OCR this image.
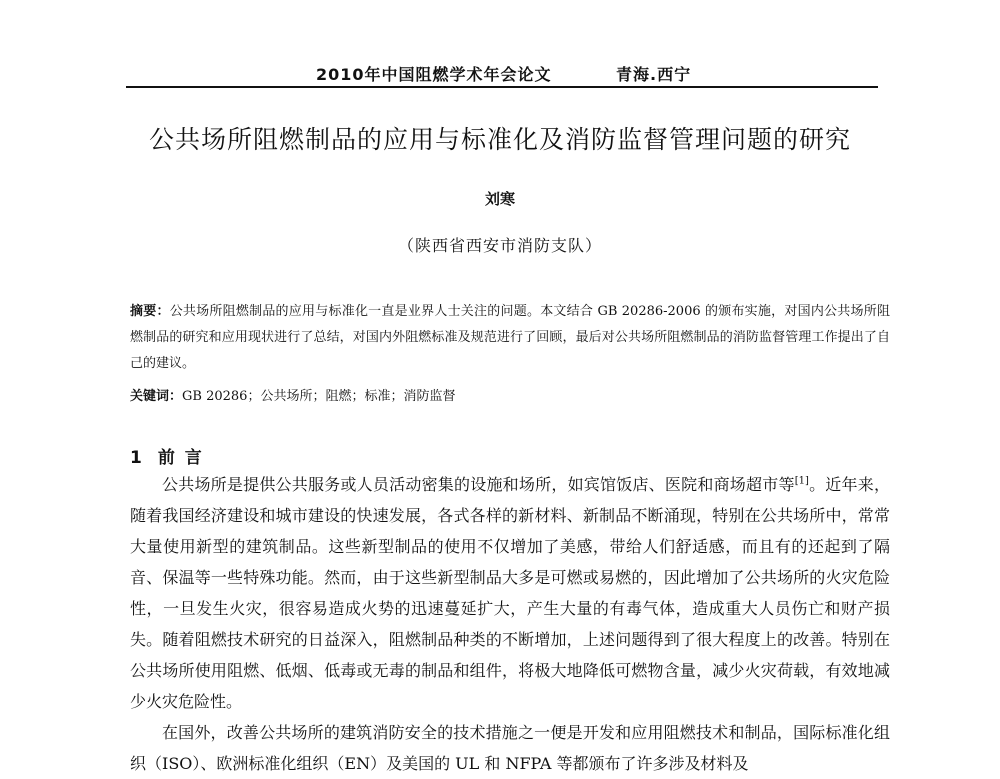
2010年中国阻燃学术年会论文	青海.西宁
公共场所阻燃制品的应用与标准化及消防监督管理问题的研究
刘寒
（陕西省西安市消防支队）
摘要：公共场所阻燃制品的应用与标准化一直是业界人士关注的问题。本文结合 GB 20286-2006 的颁布实施，对国内公共场所阻燃制品的研究和应用现状进行了总结，对国内外阻燃标准及规范进行了回顾，最后对公共场所阻燃制品的消防监督管理工作提出了自己的建议。
关键词：GB 20286；公共场所；阻燃；标准；消防监督
1 前 言

公共场所是提供公共服务或人员活动密集的设施和场所，如宾馆饭店、医院和商场超市等[1]。近年来，随着我国经济建设和城市建设的快速发展，各式各样的新材料、新制品不断涌现，特别在公共场所中，常常大量使用新型的建筑制品。这些新型制品的使用不仅增加了美感，带给人们舒适感，而且有的还起到了隔音、保温等一些特殊功能。然而，由于这些新型制品大多是可燃或易燃的，因此增加了公共场所的火灾危险性，一旦发生火灾，很容易造成火势的迅速蔓延扩大，产生大量的有毒气体，造成重大人员伤亡和财产损失。随着阻燃技术研究的日益深入，阻燃制品种类的不断增加，上述问题得到了很大程度上的改善。特别在公共场所使用阻燃、低烟、低毒或无毒的制品和组件，将极大地降低可燃物含量，减少火灾荷载，有效地减少火灾危险性。

在国外，改善公共场所的建筑消防安全的技术措施之一便是开发和应用阻燃技术和制品，国际标准化组织（ISO）、欧洲标准化组织（EN）及美国的 UL 和 NFPA 等都颁布了许多涉及材料及
